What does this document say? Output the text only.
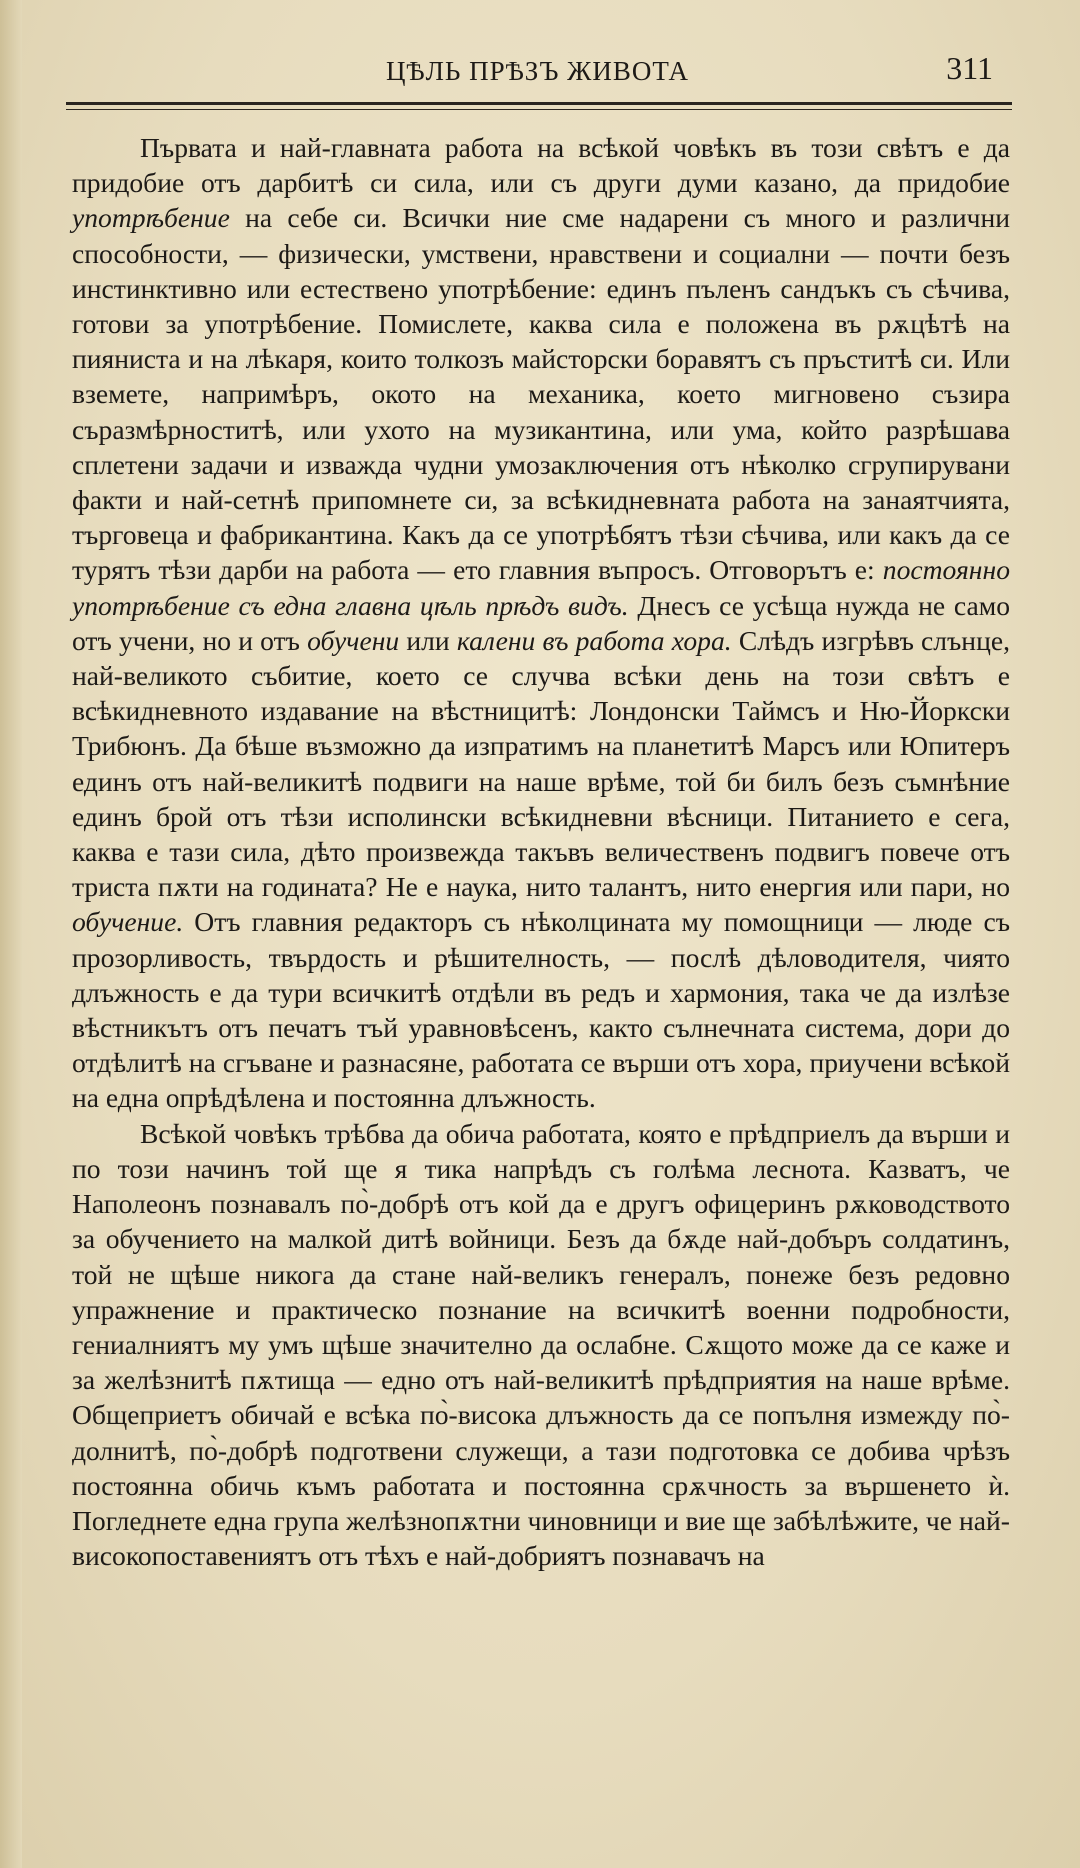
ЦѢЛЬ ПРѢЗЪ ЖИВОТА	311

Първата и най-главната работа на всѣкой човѣкъ въ този свѣтъ е да придобие отъ дарбитѣ си сила, или съ други думи казано, да придобие употрѣбение на себе си. Всички ние сме надарени съ много и различни способности, — физически, умствени, нравствени и социални — почти безъ инстинктивно или естествено употрѣбение: единъ пъленъ сандъкъ съ сѣчива, готови за употрѣбение. Помислете, каква сила е положена въ рѫцѣтѣ на пияниста и на лѣкаря, които толкозъ майсторски боравятъ съ пръститѣ си. Или вземете, напримѣръ, окото на механика, което мигновено съзира съразмѣрноститѣ, или ухото на музикантина, или ума, който разрѣшава сплетени задачи и изважда чудни умозаключения отъ нѣколко сгрупирувани факти и най-сетнѣ припомнете си, за всѣкидневната работа на занаятчията, търговеца и фабрикантина. Какъ да се употрѣбятъ тѣзи сѣчива, или какъ да се турятъ тѣзи дарби на работа — ето главния въпросъ. Отговорътъ е: постоянно употрѣбение съ една главна цѣль прѣдъ видъ. Днесъ се усѣща нужда не само отъ учени, но и отъ обучени или калени въ работа хора. Слѣдъ изгрѣвъ слънце, най-великото събитие, което се случва всѣки день на този свѣтъ е всѣкидневното издавание на вѣстницитѣ: Лондонски Таймсъ и Ню-Йоркски Трибюнъ. Да бѣше възможно да изпратимъ на планетитѣ Марсъ или Юпитеръ единъ отъ най-великитѣ подвиги на наше врѣме, той би билъ безъ съмнѣние единъ брой отъ тѣзи исполински всѣкидневни вѣсници. Питанието е сега, каква е тази сила, дѣто произвежда такъвъ величественъ подвигъ повече отъ триста пѫти на годината? Не е наука, нито талантъ, нито енергия или пари, но обучение. Отъ главния редакторъ съ нѣколцината му помощници — люде съ прозорливость, твърдость и рѣшителность, — послѣ дѣловодителя, чиято длъжность е да тури всичкитѣ отдѣли въ редъ и хармония, така че да излѣзе вѣстникътъ отъ печатъ тъй уравновѣсенъ, както сълнечната система, дори до отдѣлитѣ на сгъване и разнасяне, работата се върши отъ хора, приучени всѣкой на една опрѣдѣлена и постоянна длъжность.

Всѣкой човѣкъ трѣбва да обича работата, която е прѣдприелъ да върши и по този начинъ той ще я тика напрѣдъ съ голѣма леснота. Казватъ, че Наполеонъ познавалъ по̀-добрѣ отъ кой да е другъ офицеринъ рѫководството за обучението на малкой дитѣ войници. Безъ да бѫде най-добъръ солдатинъ, той не щѣше никога да стане най-великъ генералъ, понеже безъ редовно упражнение и практическо познание на всичкитѣ военни подробности, гениалниятъ му умъ щѣше значително да ослабне. Сѫщото може да се каже и за желѣзнитѣ пѫтища — едно отъ най-великитѣ прѣдприятия на наше врѣме. Общеприетъ обичай е всѣка по̀-висока длъжность да се попълня измежду по̀-долнитѣ, по̀-добрѣ подготвени служещи, а тази подготовка се добива чрѣзъ постоянна обичь къмъ работата и постоянна срѫчность за вършенето ѝ. Погледнете една група желѣзнопѫтни чиновници и вие ще забѣлѣжите, че най-високопоставениятъ отъ тѣхъ е най-добриятъ познавачъ на
